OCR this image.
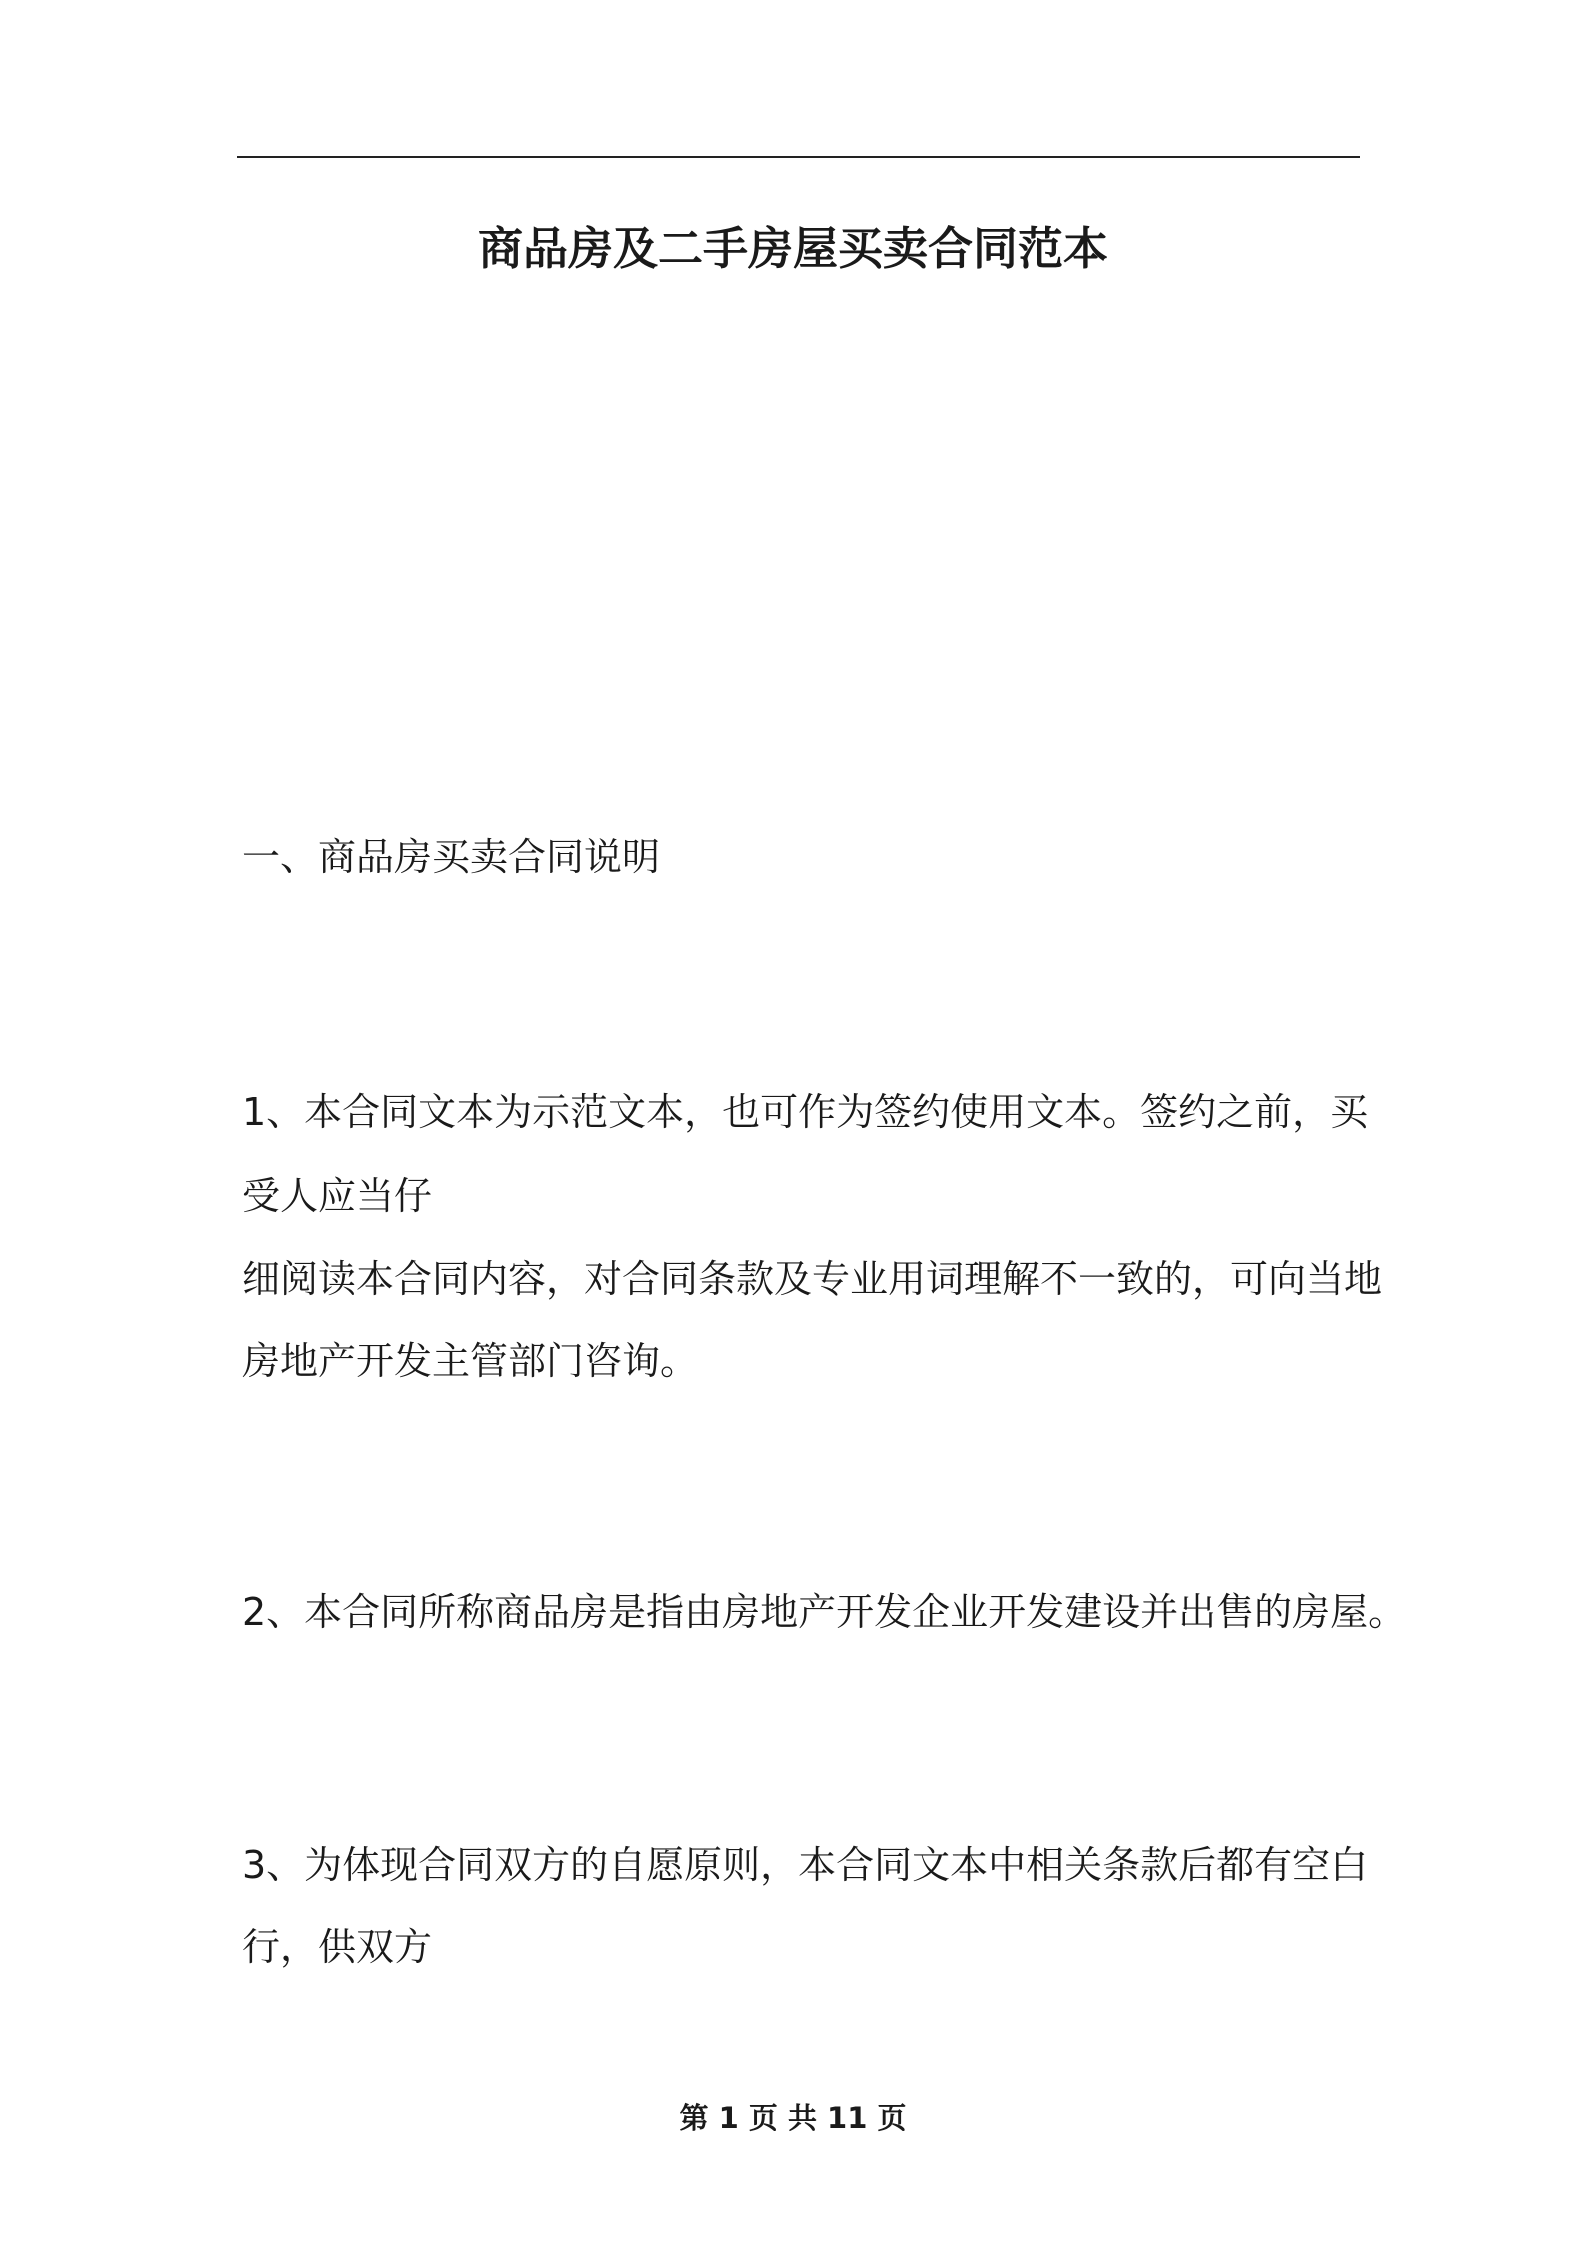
商品房及二手房屋买卖合同范本
一、商品房买卖合同说明
1、本合同文本为示范文本，也可作为签约使用文本。签约之前，买
受人应当仔
细阅读本合同内容，对合同条款及专业用词理解不一致的，可向当地
房地产开发主管部门咨询。
2、本合同所称商品房是指由房地产开发企业开发建设并出售的房屋。
3、为体现合同双方的自愿原则，本合同文本中相关条款后都有空白
行，供双方
第 1 页 共 11 页
